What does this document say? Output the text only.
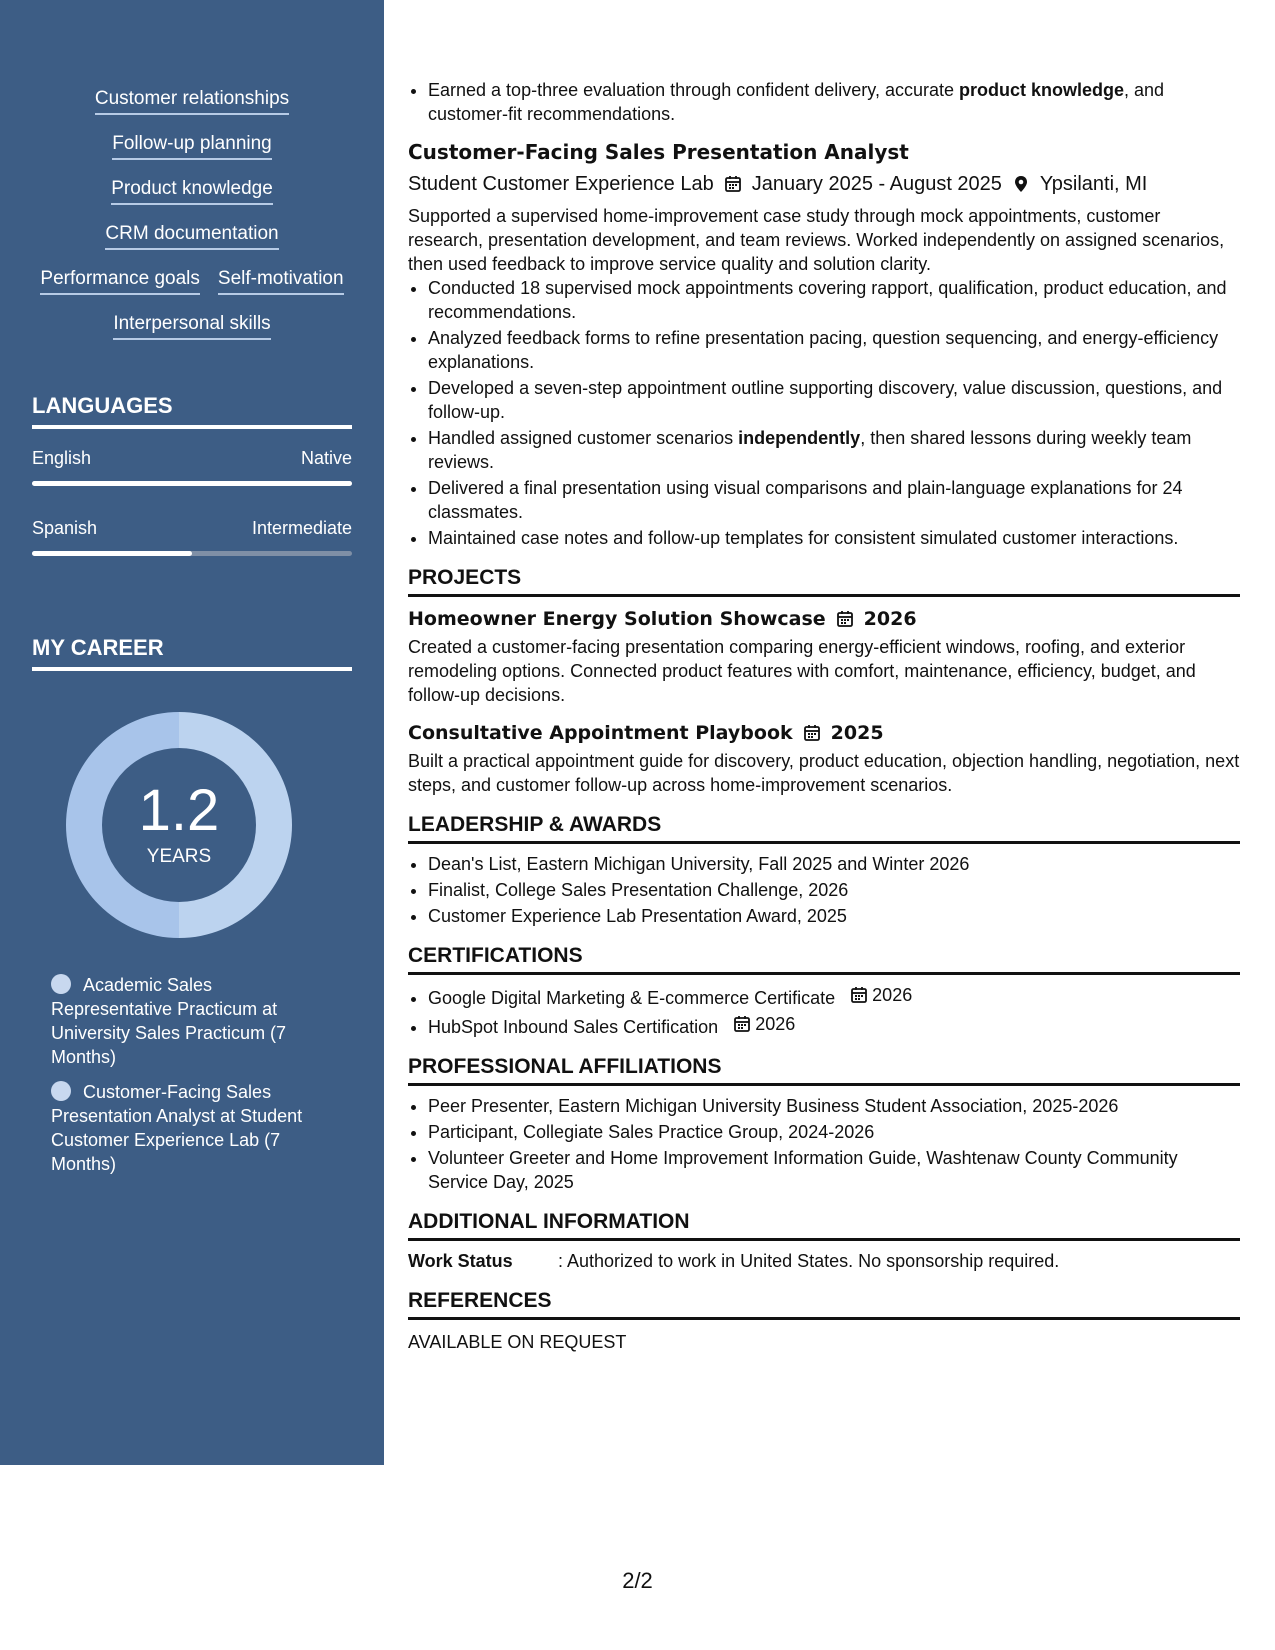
Customer relationships
Follow-up planning
Product knowledge
CRM documentation
Performance goals Self-motivation
Interpersonal skills
LANGUAGES
English	Native
Spanish	Intermediate
MY CAREER
1.2
YEARS
Academic Sales Representative Practicum at University Sales Practicum (7 Months)
Customer-Facing Sales Presentation Analyst at Student Customer Experience Lab (7 Months)
• Earned a top-three evaluation through confident delivery, accurate product knowledge, and customer-fit recommendations.
Customer-Facing Sales Presentation Analyst
Student Customer Experience Lab January 2025 - August 2025 Ypsilanti, MI
Supported a supervised home-improvement case study through mock appointments, customer research, presentation development, and team reviews. Worked independently on assigned scenarios, then used feedback to improve service quality and solution clarity.
• Conducted 18 supervised mock appointments covering rapport, qualification, product education, and recommendations.
• Analyzed feedback forms to refine presentation pacing, question sequencing, and energy-efficiency explanations.
• Developed a seven-step appointment outline supporting discovery, value discussion, questions, and follow-up.
• Handled assigned customer scenarios independently, then shared lessons during weekly team reviews.
• Delivered a final presentation using visual comparisons and plain-language explanations for 24 classmates.
• Maintained case notes and follow-up templates for consistent simulated customer interactions.
PROJECTS
Homeowner Energy Solution Showcase 2026
Created a customer-facing presentation comparing energy-efficient windows, roofing, and exterior remodeling options. Connected product features with comfort, maintenance, efficiency, budget, and follow-up decisions.
Consultative Appointment Playbook 2025
Built a practical appointment guide for discovery, product education, objection handling, negotiation, next steps, and customer follow-up across home-improvement scenarios.
LEADERSHIP & AWARDS
• Dean's List, Eastern Michigan University, Fall 2025 and Winter 2026
• Finalist, College Sales Presentation Challenge, 2026
• Customer Experience Lab Presentation Award, 2025
CERTIFICATIONS
• Google Digital Marketing & E-commerce Certificate 2026
• HubSpot Inbound Sales Certification 2026
PROFESSIONAL AFFILIATIONS
• Peer Presenter, Eastern Michigan University Business Student Association, 2025-2026
• Participant, Collegiate Sales Practice Group, 2024-2026
• Volunteer Greeter and Home Improvement Information Guide, Washtenaw County Community Service Day, 2025
ADDITIONAL INFORMATION
Work Status	: Authorized to work in United States. No sponsorship required.
REFERENCES
AVAILABLE ON REQUEST
2/2
